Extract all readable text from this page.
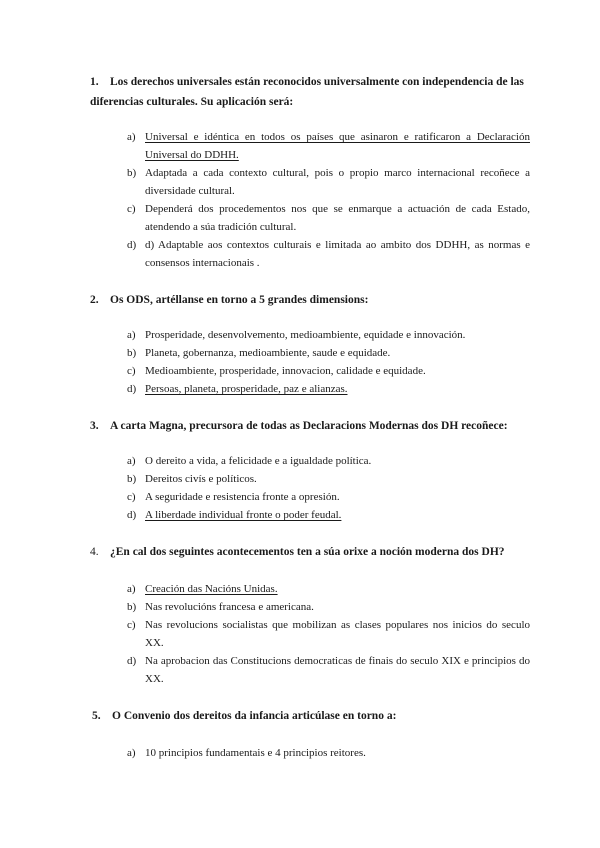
1. Los derechos universales están reconocidos universalmente con independencia de las diferencias culturales. Su aplicación será:
a) Universal e idéntica en todos os países que asinaron e ratificaron a Declaración Universal do DDHH.
b) Adaptada a cada contexto cultural, pois o propio marco internacional recoñece a diversidade cultural.
c) Dependerá dos procedementos nos que se enmarque a actuación de cada Estado, atendendo a súa tradición cultural.
d) d) Adaptable aos contextos culturais e limitada ao ambito dos DDHH, as normas e consensos internacionais .
2. Os ODS, artéllanse en torno a 5 grandes dimensions:
a) Prosperidade, desenvolvemento, medioambiente, equidade e innovación.
b) Planeta, gobernanza, medioambiente, saude e equidade.
c) Medioambiente, prosperidade, innovacion, calidade e equidade.
d) Persoas, planeta, prosperidade, paz e alianzas.
3. A carta Magna, precursora de todas as Declaracions Modernas dos DH recoñece:
a) O dereito a vida, a felicidade e a igualdade política.
b) Dereitos civís e políticos.
c) A seguridade e resistencia fronte a opresión.
d) A liberdade individual fronte o poder feudal.
4. ¿En cal dos seguintes acontecementos ten a súa orixe a noción moderna dos DH?
a) Creación das Nacións Unidas.
b) Nas revolucións francesa e americana.
c) Nas revolucions socialistas que mobilizan as clases populares nos inicios do seculo XX.
d) Na aprobacion das Constitucions democraticas de finais do seculo XIX e principios do XX.
5. O Convenio dos dereitos da infancia articúlase en torno a:
a) 10 principios fundamentais e 4 principios reitores.
